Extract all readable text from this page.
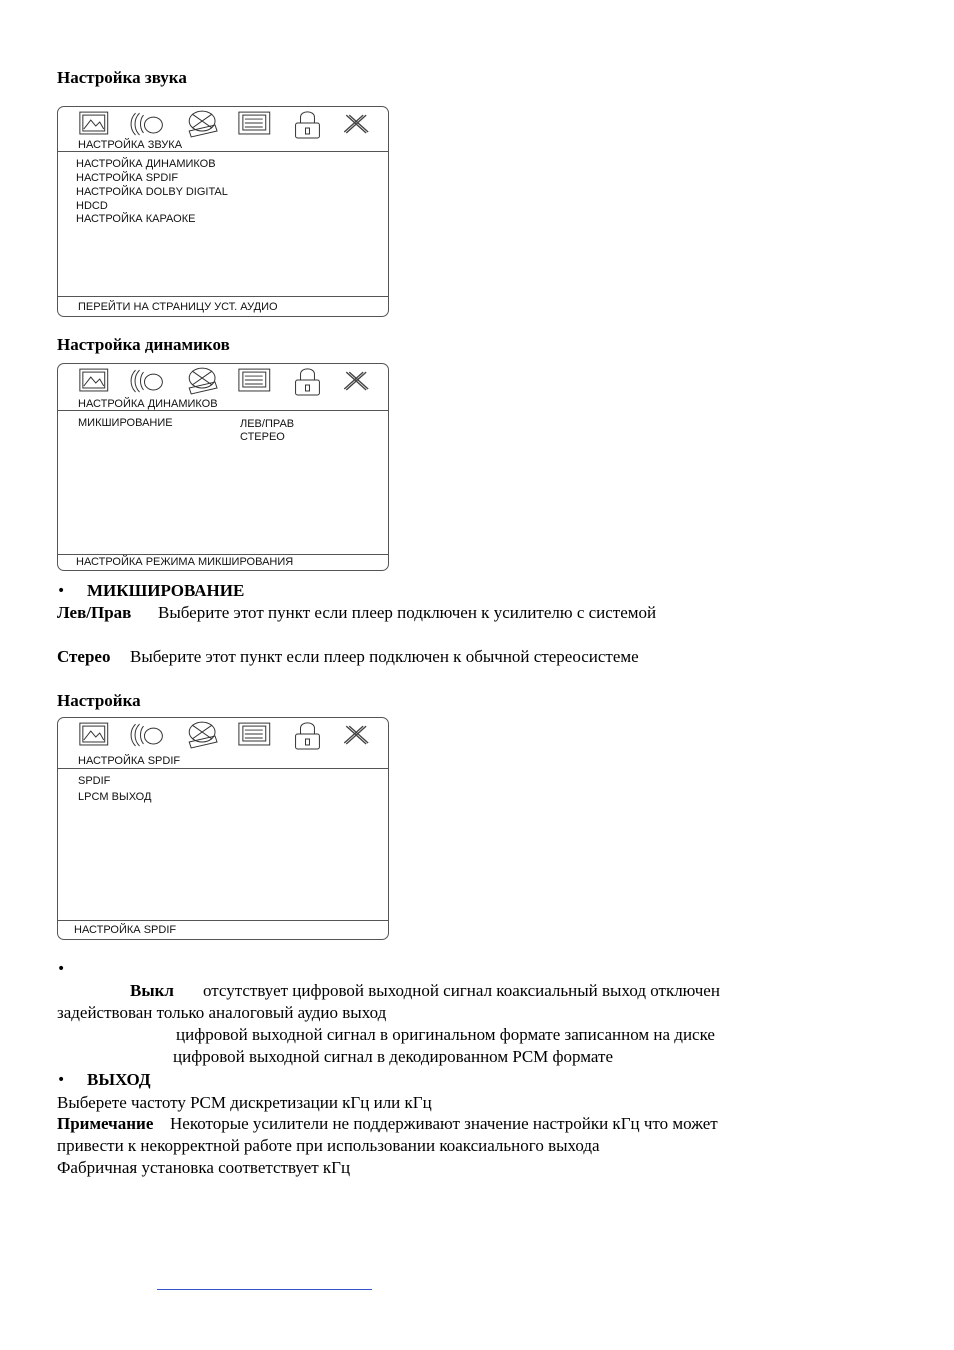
Настройка звука
НАСТРОЙКА ЗВУКА
НАСТРОЙКА ДИНАМИКОВ
НАСТРОЙКА SPDIF
НАСТРОЙКА DOLBY DIGITAL
HDCD
НАСТРОЙКА КАРАОКЕ
ПЕРЕЙТИ НА СТРАНИЦУ УСТ. АУДИО
Настройка динамиков
НАСТРОЙКА ДИНАМИКОВ
МИКШИРОВАНИЕ	ЛЕВ/ПРАВ
СТЕРЕО
НАСТРОЙКА РЕЖИМА МИКШИРОВАНИЯ
• МИКШИРОВАНИЕ
Лев/Прав Выберите этот пункт если плеер подключен к усилителю с системой
Стерео Выберите этот пункт если плеер подключен к обычной стереосистеме
Настройка
НАСТРОЙКА SPDIF
SPDIF
LPCM ВЫХОД
НАСТРОЙКА SPDIF
•
Выкл отсутствует цифровой выходной сигнал коаксиальный выход отключен
задействован только аналоговый аудио выход
цифровой выходной сигнал в оригинальном формате записанном на диске
цифровой выходной сигнал в декодированном PCM формате
• ВЫХОД
Выберете частоту PCM дискретизации кГц или кГц
Примечание Некоторые усилители не поддерживают значение настройки кГц что может
привести к некорректной работе при использовании коаксиального выхода
Фабричная установка соответствует кГц
